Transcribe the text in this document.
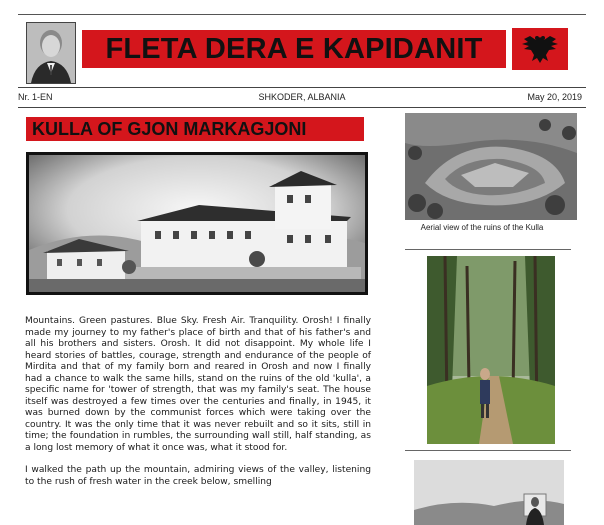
FLETA DERA E KAPIDANIT
Nr. 1-EN	SHKODER, ALBANIA	May 20, 2019
KULLA OF GJON MARKAGJONI

Mountains. Green pastures. Blue Sky. Fresh Air. Tranquility. Orosh! I finally made my journey to my father's place of birth and that of his father's and all his brothers and sisters. Orosh. It did not disappoint. My whole life I heard stories of battles, courage, strength and endurance of the people of Mirdita and that of my family born and reared in Orosh and now I finally had a chance to walk the same hills, stand on the ruins of the old 'kulla', a specific name for 'tower of strength, that was my family's seat. The house itself was destroyed a few times over the centuries and finally, in 1945, it was burned down by the communist forces which were taking over the country. It was the only time that it was never rebuilt and so it sits, still in time; the foundation in rumbles, the surrounding wall still, half standing, as a long lost memory of what it once was, what it stood for.

I walked the path up the mountain, admiring views of the valley, listening to the rush of fresh water in the creek below, smelling

Aerial view of the ruins of the Kulla
